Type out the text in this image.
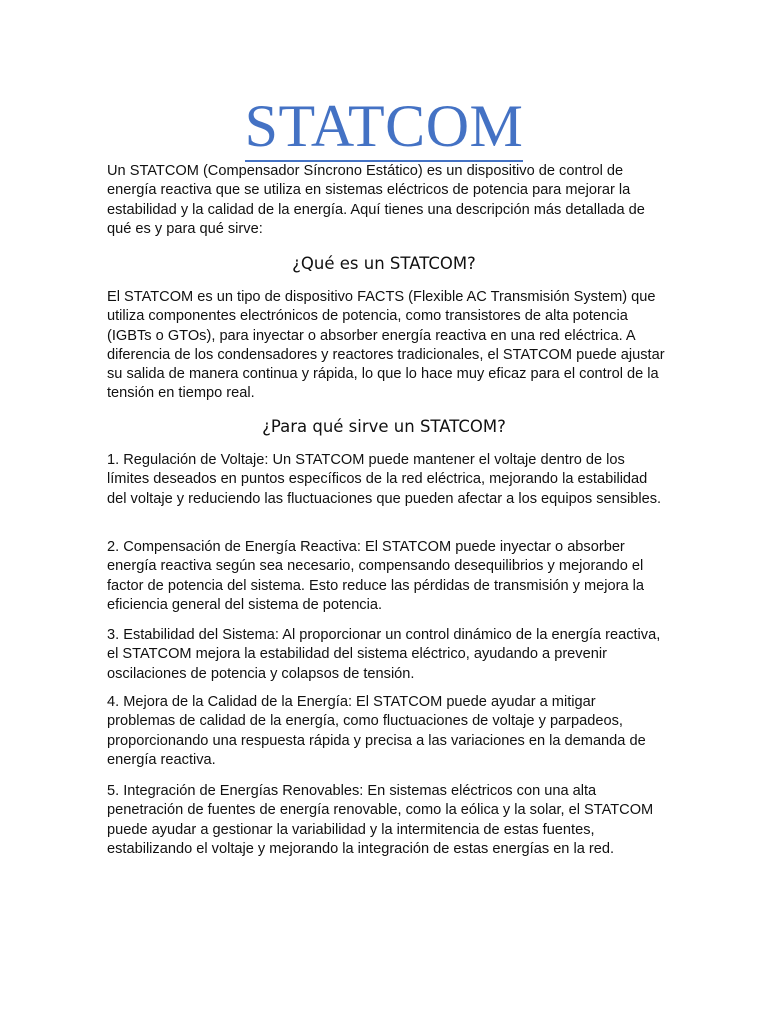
STATCOM

Un STATCOM (Compensador Síncrono Estático) es un dispositivo de control de energía reactiva que se utiliza en sistemas eléctricos de potencia para mejorar la estabilidad y la calidad de la energía. Aquí tienes una descripción más detallada de qué es y para qué sirve:

¿Qué es un STATCOM?

El STATCOM es un tipo de dispositivo FACTS (Flexible AC Transmisión System) que utiliza componentes electrónicos de potencia, como transistores de alta potencia (IGBTs o GTOs), para inyectar o absorber energía reactiva en una red eléctrica. A diferencia de los condensadores y reactores tradicionales, el STATCOM puede ajustar su salida de manera continua y rápida, lo que lo hace muy eficaz para el control de la tensión en tiempo real.

¿Para qué sirve un STATCOM?

1. Regulación de Voltaje: Un STATCOM puede mantener el voltaje dentro de los límites deseados en puntos específicos de la red eléctrica, mejorando la estabilidad del voltaje y reduciendo las fluctuaciones que pueden afectar a los equipos sensibles.

2. Compensación de Energía Reactiva: El STATCOM puede inyectar o absorber energía reactiva según sea necesario, compensando desequilibrios y mejorando el factor de potencia del sistema. Esto reduce las pérdidas de transmisión y mejora la eficiencia general del sistema de potencia.

3. Estabilidad del Sistema: Al proporcionar un control dinámico de la energía reactiva, el STATCOM mejora la estabilidad del sistema eléctrico, ayudando a prevenir oscilaciones de potencia y colapsos de tensión.

4. Mejora de la Calidad de la Energía: El STATCOM puede ayudar a mitigar problemas de calidad de la energía, como fluctuaciones de voltaje y parpadeos, proporcionando una respuesta rápida y precisa a las variaciones en la demanda de energía reactiva.

5. Integración de Energías Renovables: En sistemas eléctricos con una alta penetración de fuentes de energía renovable, como la eólica y la solar, el STATCOM puede ayudar a gestionar la variabilidad y la intermitencia de estas fuentes, estabilizando el voltaje y mejorando la integración de estas energías en la red.
